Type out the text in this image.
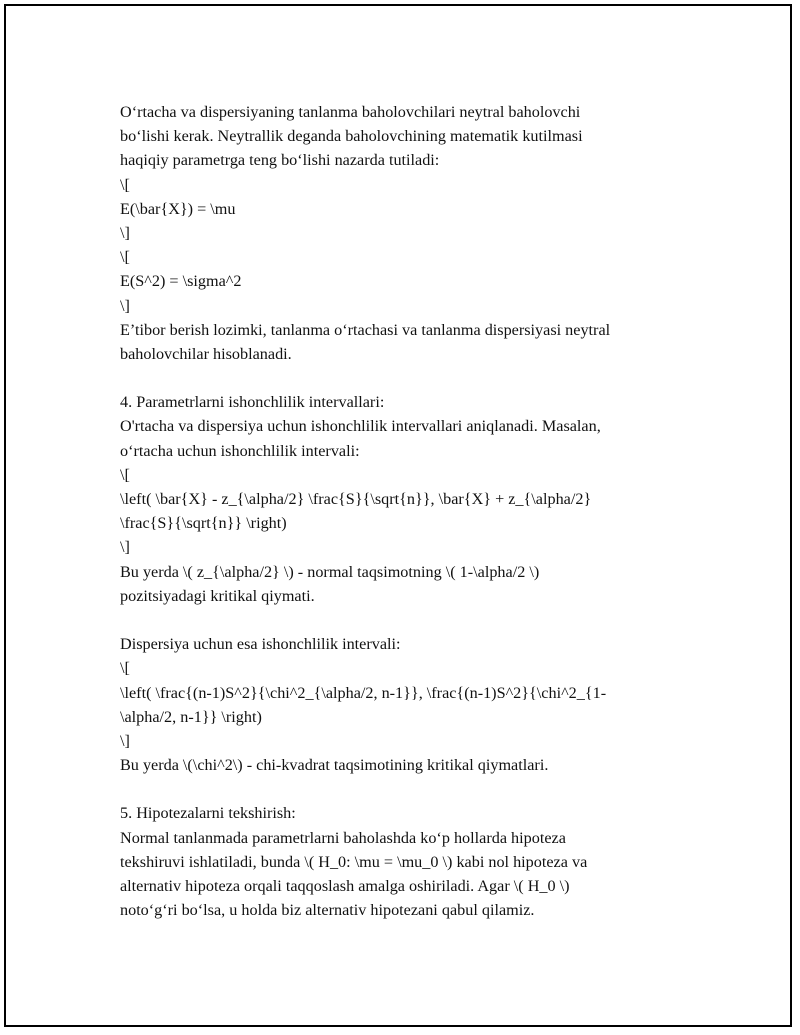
O‘rtacha va dispersiyaning tanlanma baholovchilari neytral baholovchi
bo‘lishi kerak. Neytrallik deganda baholovchining matematik kutilmasi
haqiqiy parametrga teng bo‘lishi nazarda tutiladi:
\[
E(\bar{X}) = \mu
\]
\[
E(S^2) = \sigma^2
\]
E’tibor berish lozimki, tanlanma o‘rtachasi va tanlanma dispersiyasi neytral
baholovchilar hisoblanadi.
4. Parametrlarni ishonchlilik intervallari:
O'rtacha va dispersiya uchun ishonchlilik intervallari aniqlanadi. Masalan,
o‘rtacha uchun ishonchlilik intervali:
\[
\left( \bar{X} - z_{\alpha/2} \frac{S}{\sqrt{n}}, \bar{X} + z_{\alpha/2}
\frac{S}{\sqrt{n}} \right)
\]
Bu yerda \( z_{\alpha/2} \) - normal taqsimotning \( 1-\alpha/2 \)
pozitsiyadagi kritikal qiymati.
Dispersiya uchun esa ishonchlilik intervali:
\[
\left( \frac{(n-1)S^2}{\chi^2_{\alpha/2, n-1}}, \frac{(n-1)S^2}{\chi^2_{1-
\alpha/2, n-1}} \right)
\]
Bu yerda \(\chi^2\) - chi-kvadrat taqsimotining kritikal qiymatlari.
5. Hipotezalarni tekshirish:
Normal tanlanmada parametrlarni baholashda ko‘p hollarda hipoteza
tekshiruvi ishlatiladi, bunda \( H_0: \mu = \mu_0 \) kabi nol hipoteza va
alternativ hipoteza orqali taqqoslash amalga oshiriladi. Agar \( H_0 \)
noto‘g‘ri bo‘lsa, u holda biz alternativ hipotezani qabul qilamiz.
